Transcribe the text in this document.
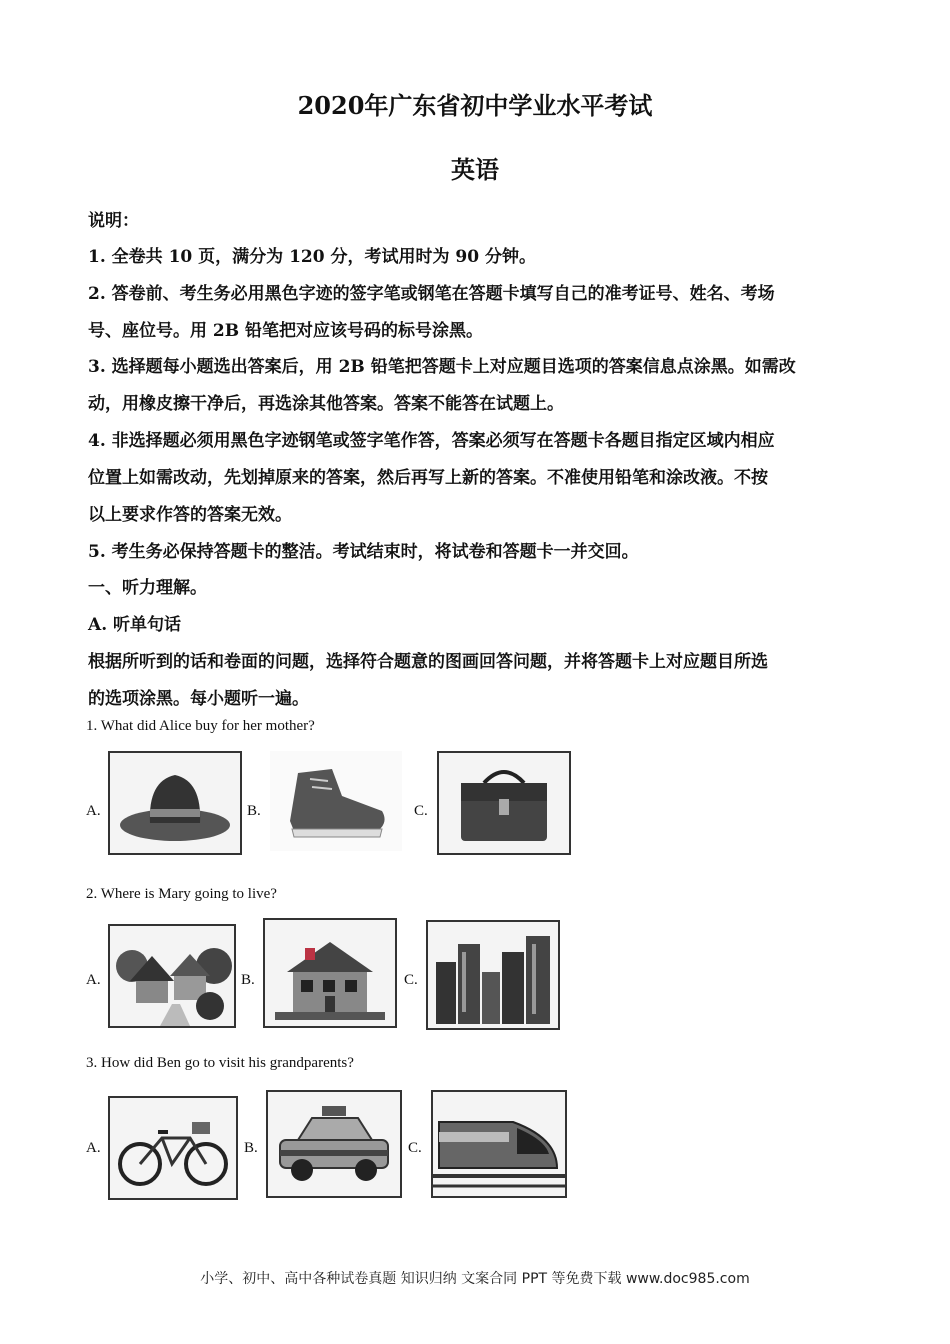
2020年广东省初中学业水平考试
英语
说明：
1. 全卷共 10 页，满分为 120 分，考试用时为 90 分钟。
2. 答卷前、考生务必用黑色字迹的签字笔或钢笔在答题卡填写自己的准考证号、姓名、考场
号、座位号。用 2B 铅笔把对应该号码的标号涂黑。
3. 选择题每小题选出答案后，用 2B 铅笔把答题卡上对应题目选项的答案信息点涂黑。如需改
动，用橡皮擦干净后，再选涂其他答案。答案不能答在试题上。
4. 非选择题必须用黑色字迹钢笔或签字笔作答，答案必须写在答题卡各题目指定区域内相应
位置上如需改动，先划掉原来的答案，然后再写上新的答案。不准使用铅笔和涂改液。不按
以上要求作答的答案无效。
5. 考生务必保持答题卡的整洁。考试结束时，将试卷和答题卡一并交回。
一、听力理解。
A. 听单句话
根据所听到的话和卷面的问题，选择符合题意的图画回答问题，并将答题卡上对应题目所选
的选项涂黑。每小题听一遍。
1. What did Alice buy for her mother?
A.	B.	C.
2. Where is Mary going to live?
A.	B.	C.
3. How did Ben go to visit his grandparents?
A.	B.	C.
小学、初中、高中各种试卷真题 知识归纳 文案合同 PPT 等免费下载 www.doc985.com
